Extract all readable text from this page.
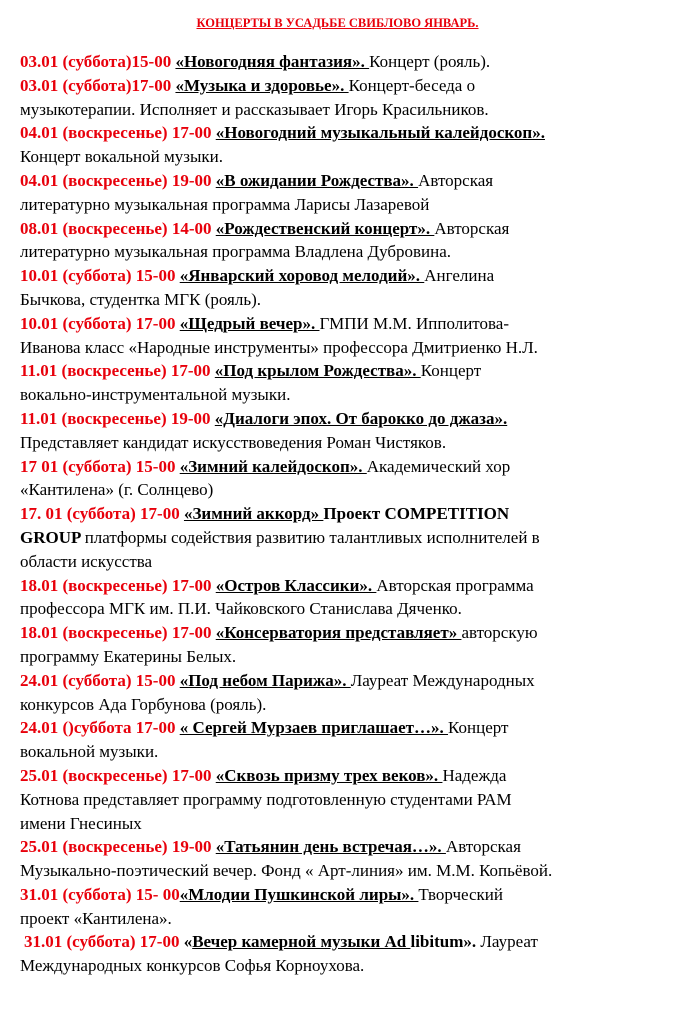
КОНЦЕРТЫ В УСАДЬБЕ СВИБЛОВО ЯНВАРЬ.
03.01 (суббота)15-00 «Новогодняя фантазия». Концерт (рояль).
03.01 (суббота)17-00 «Музыка и здоровье». Концерт-беседа о
музыкотерапии. Исполняет и рассказывает Игорь Красильников.
04.01 (воскресенье) 17-00 «Новогодний музыкальный калейдоскоп».
Концерт вокальной музыки.
04.01 (воскресенье) 19-00 «В ожидании Рождества». Авторская
литературно музыкальная программа Ларисы Лазаревой
08.01 (воскресенье) 14-00 «Рождественский концерт». Авторская
литературно музыкальная программа Владлена Дубровина.
10.01 (суббота) 15-00 «Январский хоровод мелодий». Ангелина
Бычкова, студентка МГК (рояль).
10.01 (суббота) 17-00 «Щедрый вечер». ГМПИ М.М. Ипполитова-
Иванова класс «Народные инструменты» профессора Дмитриенко Н.Л.
11.01 (воскресенье) 17-00 «Под крылом Рождества». Концерт
вокально-инструментальной музыки.
11.01 (воскресенье) 19-00 «Диалоги эпох. От барокко до джаза».
Представляет кандидат искусствоведения Роман Чистяков.
17 01 (суббота) 15-00 «Зимний калейдоскоп». Академический хор
«Кантилена» (г. Солнцево)
17. 01 (суббота) 17-00 «Зимний аккорд» Проект COMPETITION
GROUP платформы содействия развитию талантливых исполнителей в
области искусства
18.01 (воскресенье) 17-00 «Остров Классики». Авторская программа
профессора МГК им. П.И. Чайковского Станислава Дяченко.
18.01 (воскресенье) 17-00 «Консерватория представляет» авторскую
программу Екатерины Белых.
24.01 (суббота) 15-00 «Под небом Парижа». Лауреат Международных
конкурсов Ада Горбунова (рояль).
24.01 ()суббота 17-00 « Сергей Мурзаев приглашает…». Концерт
вокальной музыки.
25.01 (воскресенье) 17-00 «Сквозь призму трех веков». Надежда
Котнова представляет программу подготовленную студентами РАМ
имени Гнесиных
25.01 (воскресенье) 19-00 «Татьянин день встречая…». Авторская
Музыкально-поэтический вечер. Фонд « Арт-линия» им. М.М. Копьёвой.
31.01 (суббота) 15- 00«Млодии Пушкинской лиры». Творческий
проект «Кантилена».
31.01 (суббота) 17-00 «Вечер камерной музыки Ad libitum». Лауреат
Международных конкурсов Софья Корноухова.
